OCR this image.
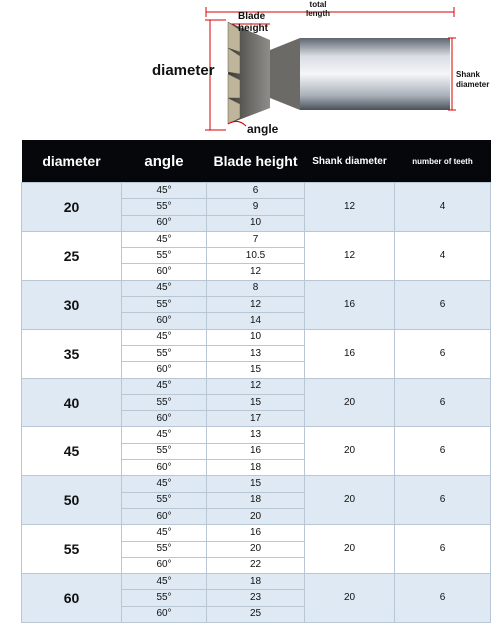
diameter
angle
Blade
height
total
length
Shank
diameter
diameter	angle	Blade height	Shank diameter	number of teeth
20	45°	6	12	4
	55°	9		
	60°	10		
25	45°	7	12	4
	55°	10.5		
	60°	12		
30	45°	8	16	6
	55°	12		
	60°	14		
35	45°	10	16	6
	55°	13		
	60°	15		
40	45°	12	20	6
	55°	15		
	60°	17		
45	45°	13	20	6
	55°	16		
	60°	18		
50	45°	15	20	6
	55°	18		
	60°	20		
55	45°	16	20	6
	55°	20		
	60°	22		
60	45°	18	20	6
	55°	23		
	60°	25		
